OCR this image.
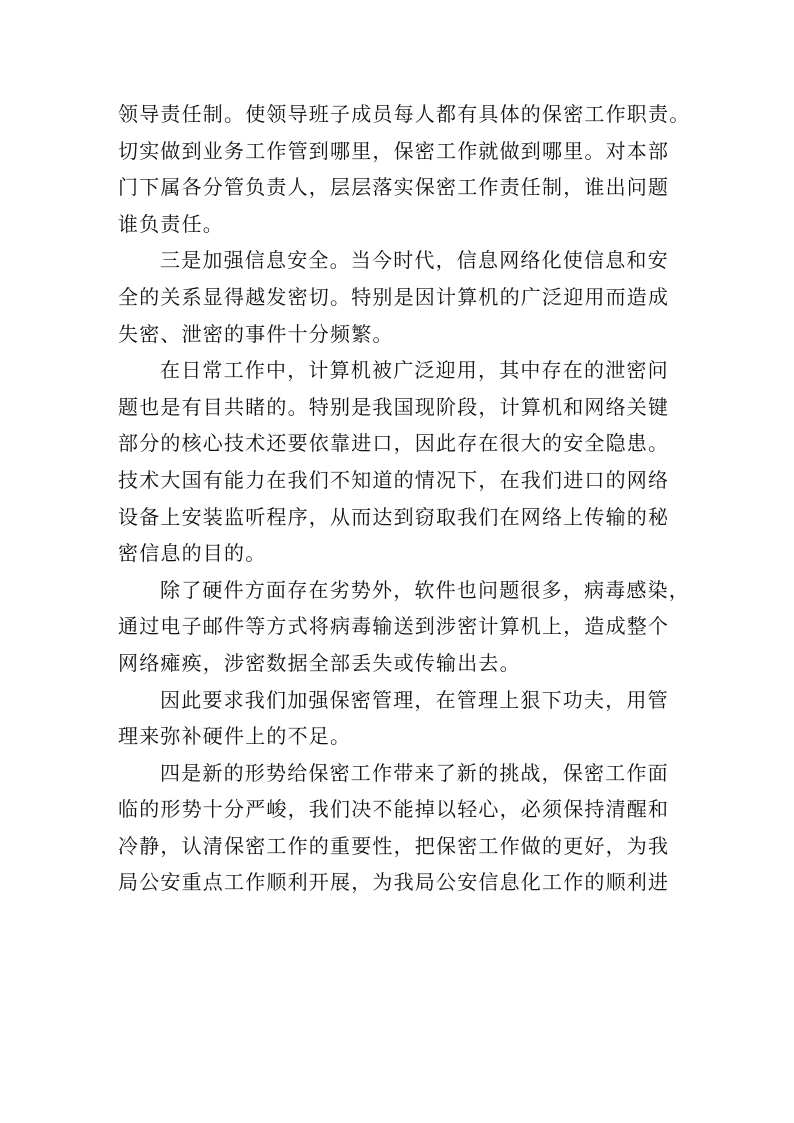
领导责任制。使领导班子成员每人都有具体的保密工作职责。
切实做到业务工作管到哪里，保密工作就做到哪里。对本部
门下属各分管负责人，层层落实保密工作责任制，谁出问题
谁负责任。
三是加强信息安全。当今时代，信息网络化使信息和安
全的关系显得越发密切。特别是因计算机的广泛迎用而造成
失密、泄密的事件十分频繁。
在日常工作中，计算机被广泛迎用，其中存在的泄密问
题也是有目共睹的。特别是我国现阶段，计算机和网络关键
部分的核心技术还要依靠进口，因此存在很大的安全隐患。
技术大国有能力在我们不知道的情况下，在我们进口的网络
设备上安装监听程序，从而达到窃取我们在网络上传输的秘
密信息的目的。
除了硬件方面存在劣势外，软件也问题很多，病毒感染，
通过电子邮件等方式将病毒输送到涉密计算机上，造成整个
网络瘫痪，涉密数据全部丢失或传输出去。
因此要求我们加强保密管理，在管理上狠下功夫，用管
理来弥补硬件上的不足。
四是新的形势给保密工作带来了新的挑战，保密工作面
临的形势十分严峻，我们决不能掉以轻心，必须保持清醒和
冷静，认清保密工作的重要性，把保密工作做的更好，为我
局公安重点工作顺利开展，为我局公安信息化工作的顺利进
